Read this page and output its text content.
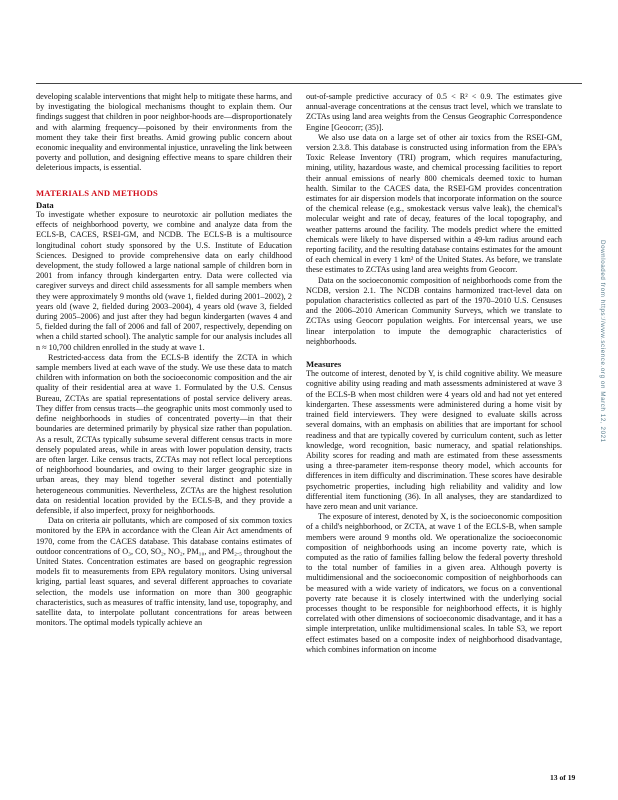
developing scalable interventions that might help to mitigate these harms, and by investigating the biological mechanisms thought to explain them. Our findings suggest that children in poor neighbor-hoods are—disproportionately and with alarming frequency—poisoned by their environments from the moment they take their first breaths. Amid growing public concern about economic inequality and environmental injustice, unraveling the link between poverty and pollution, and designing effective means to spare children their deleterious impacts, is essential.

MATERIALS AND METHODS
Data

To investigate whether exposure to neurotoxic air pollution mediates the effects of neighborhood poverty, we combine and analyze data from the ECLS-B, CACES, RSEI-GM, and NCDB. The ECLS-B is a multisource longitudinal cohort study sponsored by the U.S. Institute of Education Sciences. Designed to provide comprehensive data on early childhood development, the study followed a large national sample of children born in 2001 from infancy through kindergarten entry. Data were collected via caregiver surveys and direct child assessments for all sample members when they were approximately 9 months old (wave 1, fielded during 2001–2002), 2 years old (wave 2, fielded during 2003–2004), 4 years old (wave 3, fielded during 2005–2006) and just after they had begun kindergarten (waves 4 and 5, fielded during the fall of 2006 and fall of 2007, respectively, depending on when a child started school). The analytic sample for our analysis includes all n ≈ 10,700 children enrolled in the study at wave 1.

Restricted-access data from the ECLS-B identify the ZCTA in which sample members lived at each wave of the study. We use these data to match children with information on both the socioeconomic composition and the air quality of their residential area at wave 1. Formulated by the U.S. Census Bureau, ZCTAs are spatial representations of postal service delivery areas. They differ from census tracts—the geographic units most commonly used to define neighborhoods in studies of concentrated poverty—in that their boundaries are determined primarily by physical size rather than population. As a result, ZCTAs typically subsume several different census tracts in more densely populated areas, while in areas with lower population density, tracts are often larger. Like census tracts, ZCTAs may not reflect local perceptions of neighborhood boundaries, and owing to their larger geographic size in urban areas, they may blend together several distinct and potentially heterogeneous communities. Nevertheless, ZCTAs are the highest resolution data on residential location provided by the ECLS-B, and they provide a defensible, if also imperfect, proxy for neighborhoods.

Data on criteria air pollutants, which are composed of six common toxics monitored by the EPA in accordance with the Clean Air Act amendments of 1970, come from the CACES database. This database contains estimates of outdoor concentrations of O₃, CO, SO₂, NO₂, PM₁₀, and PM₂.₅ throughout the United States. Concentration estimates are based on geographic regression models fit to measurements from EPA regulatory monitors. Using universal kriging, partial least squares, and several different approaches to covariate selection, the models use information on more than 300 geographic characteristics, such as measures of traffic intensity, land use, topography, and satellite data, to interpolate pollutant concentrations for areas between monitors. The optimal models typically achieve an

out-of-sample predictive accuracy of 0.5 < R² < 0.9. The estimates give annual-average concentrations at the census tract level, which we translate to ZCTAs using land area weights from the Census Geographic Correspondence Engine [Geocorr; (35)].

We also use data on a large set of other air toxics from the RSEI-GM, version 2.3.8. This database is constructed using information from the EPA's Toxic Release Inventory (TRI) program, which requires manufacturing, mining, utility, hazardous waste, and chemical processing facilities to report their annual emissions of nearly 800 chemicals deemed toxic to human health. Similar to the CACES data, the RSEI-GM provides concentration estimates for air dispersion models that incorporate information on the source of the chemical release (e.g., smokestack versus valve leak), the chemical's molecular weight and rate of decay, features of the local topography, and weather patterns around the facility. The models predict where the emitted chemicals were likely to have dispersed within a 49-km radius around each reporting facility, and the resulting database contains estimates for the amount of each chemical in every 1 km² of the United States. As before, we translate these estimates to ZCTAs using land area weights from Geocorr.

Data on the socioeconomic composition of neighborhoods come from the NCDB, version 2.1. The NCDB contains harmonized tract-level data on population characteristics collected as part of the 1970–2010 U.S. Censuses and the 2006–2010 American Community Surveys, which we translate to ZCTAs using Geocorr population weights. For intercensal years, we use linear interpolation to impute the demographic characteristics of neighborhoods.

Measures

The outcome of interest, denoted by Y, is child cognitive ability. We measure cognitive ability using reading and math assessments administered at wave 3 of the ECLS-B when most children were 4 years old and had not yet entered kindergarten. These assessments were administered during a home visit by trained field interviewers. They were designed to evaluate skills across several domains, with an emphasis on abilities that are important for school readiness and that are typically covered by curriculum content, such as letter knowledge, word recognition, basic numeracy, and spatial relationships. Ability scores for reading and math are estimated from these assessments using a three-parameter item-response theory model, which accounts for differences in item difficulty and discrimination. These scores have desirable psychometric properties, including high reliability and validity and low differential item functioning (36). In all analyses, they are standardized to have zero mean and unit variance.

The exposure of interest, denoted by X, is the socioeconomic composition of a child's neighborhood, or ZCTA, at wave 1 of the ECLS-B, when sample members were around 9 months old. We operationalize the socioeconomic composition of neighborhoods using an income poverty rate, which is computed as the ratio of families falling below the federal poverty threshold to the total number of families in a given area. Although poverty is multidimensional and the socioeconomic composition of neighborhoods can be measured with a wide variety of indicators, we focus on a conventional poverty rate because it is closely intertwined with the underlying social processes thought to be responsible for neighborhood effects, it is highly correlated with other dimensions of socioeconomic disadvantage, and it has a simple interpretation, unlike multidimensional scales. In table S3, we report effect estimates based on a composite index of neighborhood disadvantage, which combines information on income

Downloaded from https://www.science.org on March 12, 2021
13 of 19
